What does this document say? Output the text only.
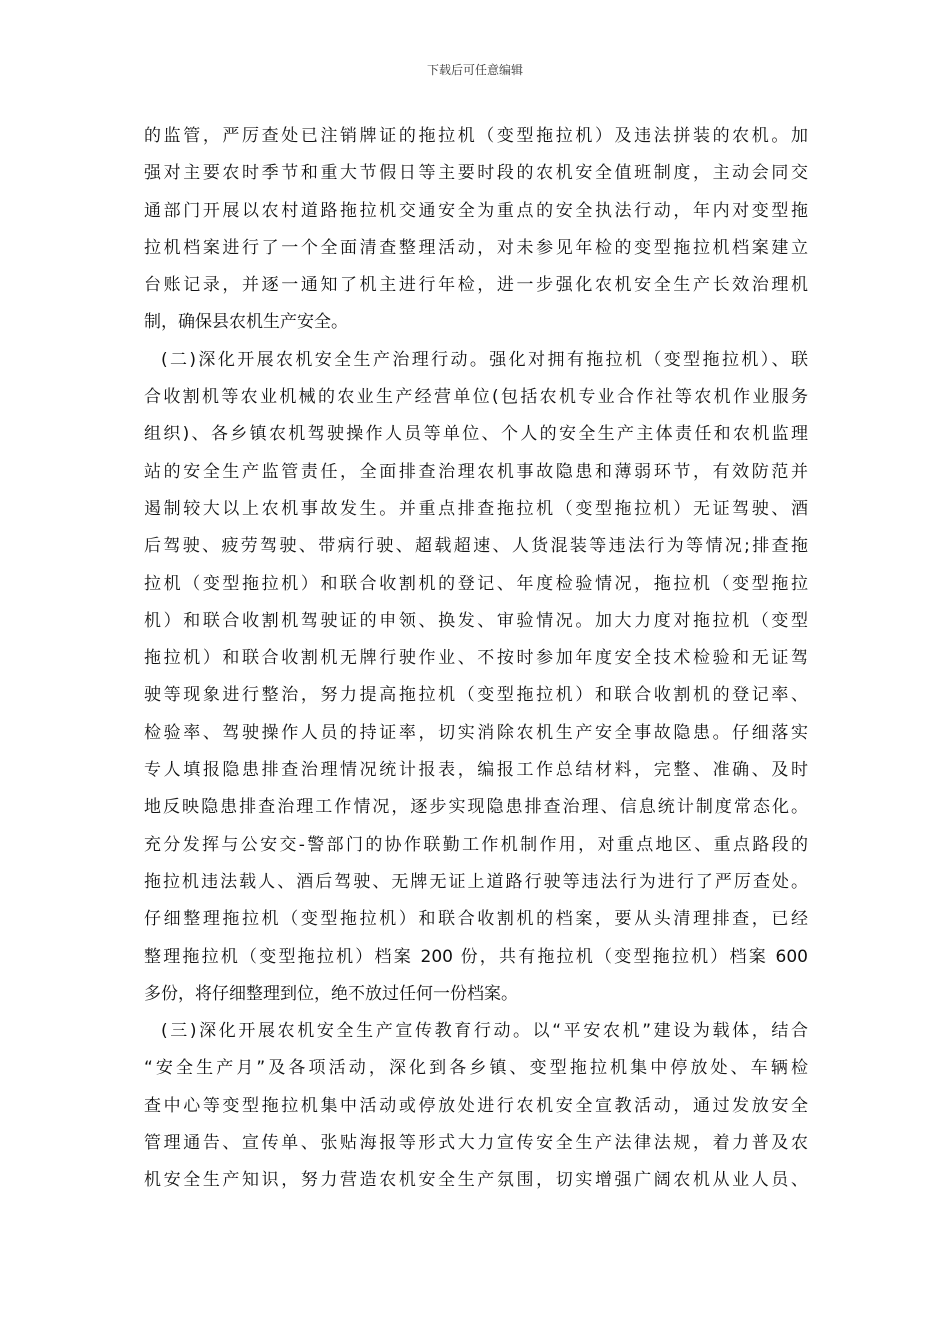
下载后可任意编辑
的监管，严厉查处已注销牌证的拖拉机（变型拖拉机）及违法拼装的农机。加
强对主要农时季节和重大节假日等主要时段的农机安全值班制度，主动会同交
通部门开展以农村道路拖拉机交通安全为重点的安全执法行动，年内对变型拖
拉机档案进行了一个全面清查整理活动，对未参见年检的变型拖拉机档案建立
台账记录，并逐一通知了机主进行年检，进一步强化农机安全生产长效治理机
制，确保县农机生产安全。
(二)深化开展农机安全生产治理行动。强化对拥有拖拉机（变型拖拉机）、联
合收割机等农业机械的农业生产经营单位(包括农机专业合作社等农机作业服务
组织)、各乡镇农机驾驶操作人员等单位、个人的安全生产主体责任和农机监理
站的安全生产监管责任，全面排查治理农机事故隐患和薄弱环节，有效防范并
遏制较大以上农机事故发生。并重点排查拖拉机（变型拖拉机）无证驾驶、酒
后驾驶、疲劳驾驶、带病行驶、超载超速、人货混装等违法行为等情况;排查拖
拉机（变型拖拉机）和联合收割机的登记、年度检验情况，拖拉机（变型拖拉
机）和联合收割机驾驶证的申领、换发、审验情况。加大力度对拖拉机（变型
拖拉机）和联合收割机无牌行驶作业、不按时参加年度安全技术检验和无证驾
驶等现象进行整治，努力提高拖拉机（变型拖拉机）和联合收割机的登记率、
检验率、驾驶操作人员的持证率，切实消除农机生产安全事故隐患。仔细落实
专人填报隐患排查治理情况统计报表，编报工作总结材料，完整、准确、及时
地反映隐患排查治理工作情况，逐步实现隐患排查治理、信息统计制度常态化。
充分发挥与公安交-警部门的协作联勤工作机制作用，对重点地区、重点路段的
拖拉机违法载人、酒后驾驶、无牌无证上道路行驶等违法行为进行了严厉查处。
仔细整理拖拉机（变型拖拉机）和联合收割机的档案，要从头清理排查，已经
整理拖拉机（变型拖拉机）档案 200 份，共有拖拉机（变型拖拉机）档案 600
多份，将仔细整理到位，绝不放过任何一份档案。
(三)深化开展农机安全生产宣传教育行动。以“平安农机”建设为载体，结合
“安全生产月”及各项活动，深化到各乡镇、变型拖拉机集中停放处、车辆检
查中心等变型拖拉机集中活动或停放处进行农机安全宣教活动，通过发放安全
管理通告、宣传单、张贴海报等形式大力宣传安全生产法律法规，着力普及农
机安全生产知识，努力营造农机安全生产氛围，切实增强广阔农机从业人员、
